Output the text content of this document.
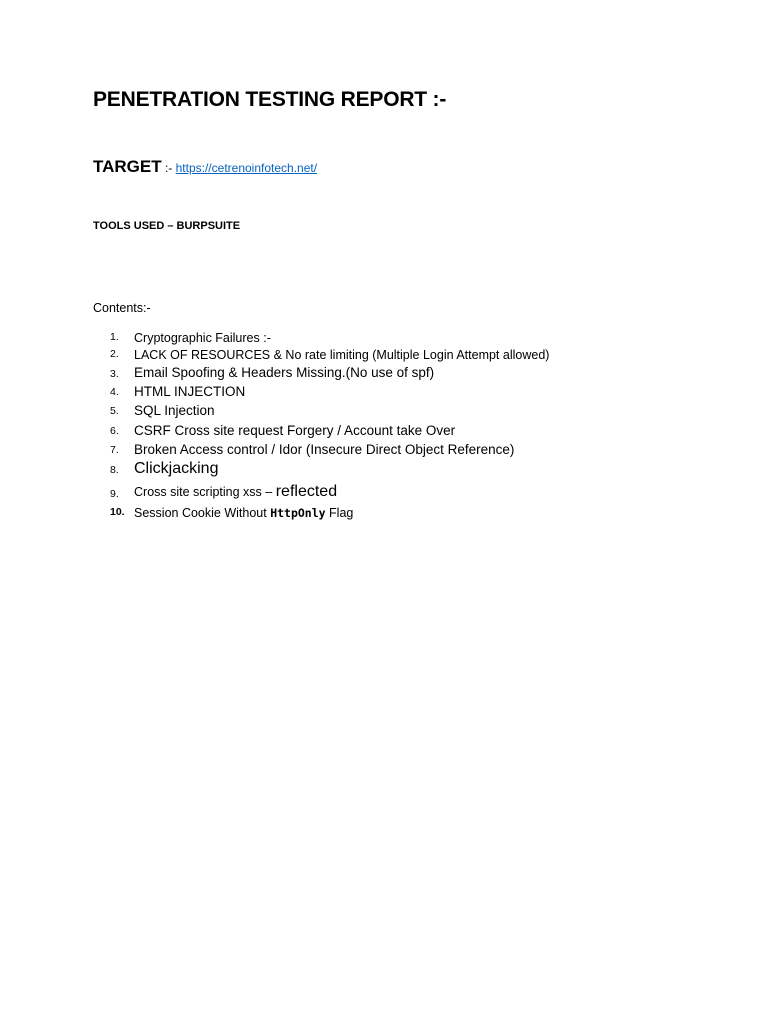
PENETRATION TESTING REPORT :-
TARGET :- https://cetrenoinfotech.net/
TOOLS USED – BURPSUITE
Contents:-
1.	Cryptographic Failures :-
2.	LACK OF RESOURCES & No rate limiting (Multiple Login Attempt allowed)
3.	Email Spoofing & Headers Missing.(No use of spf)
4.	HTML INJECTION
5.	SQL Injection
6.	CSRF Cross site request Forgery / Account take Over
7.	Broken Access control / Idor (Insecure Direct Object Reference)
8. Clickjacking
9.	Cross site scripting xss – reflected
10. Session Cookie Without HttpOnly Flag
